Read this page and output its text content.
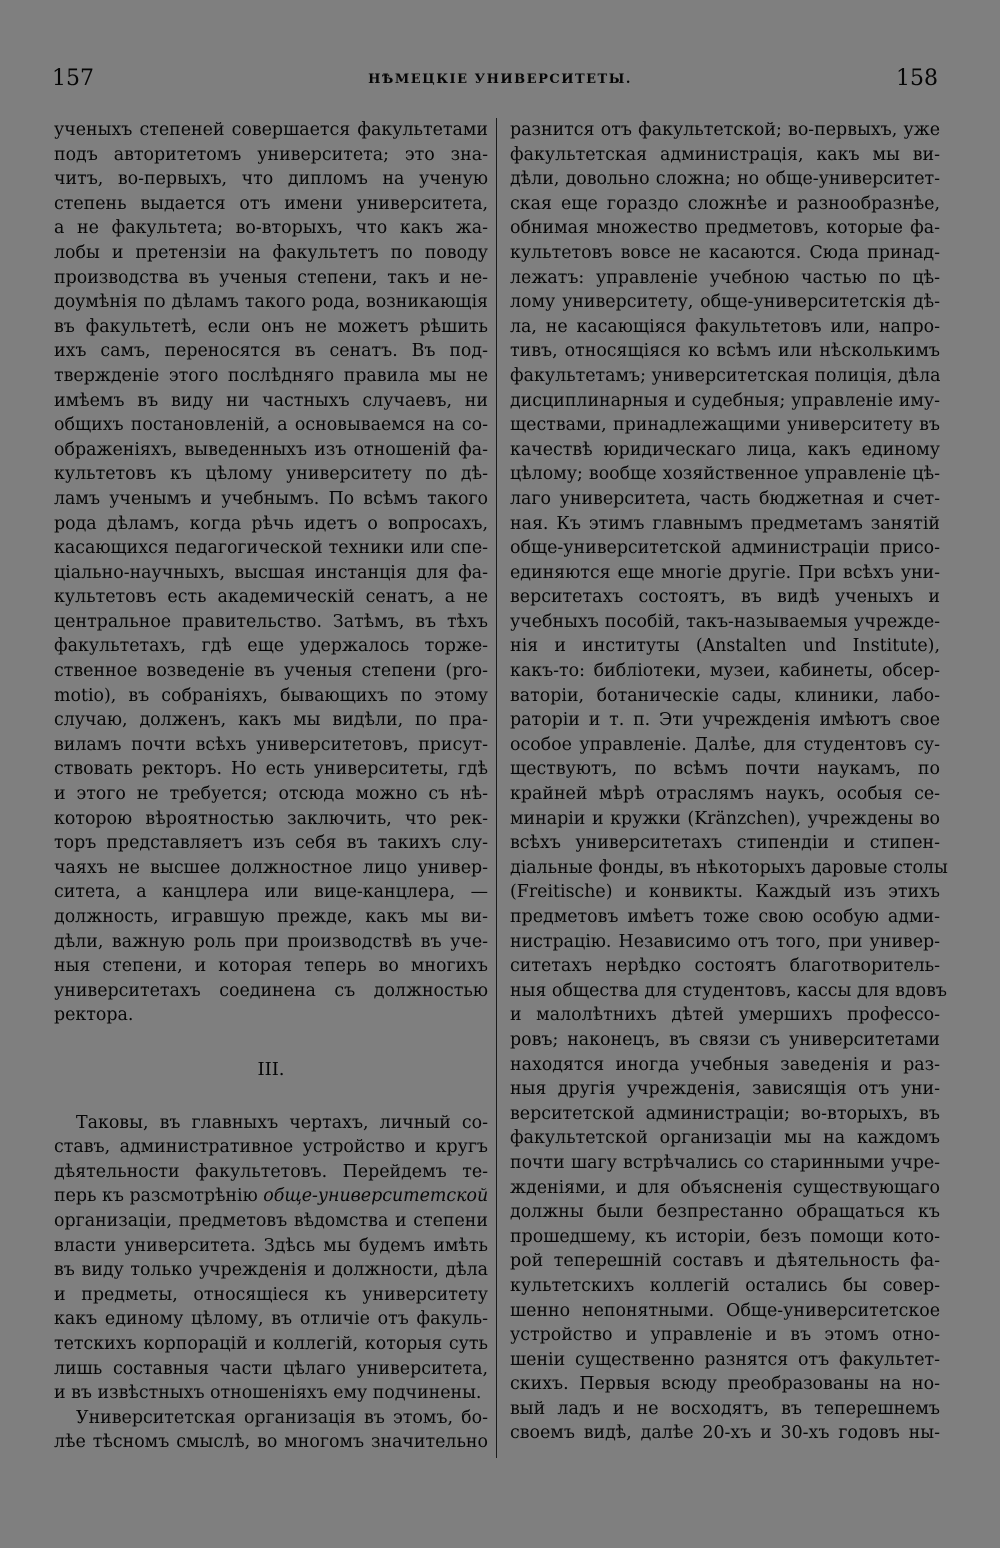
157	НѢМЕЦКІЕ УНИВЕРСИТЕТЫ.	158
ученыхъ степеней совершается факультетами
подъ авторитетомъ университета; это зна-
читъ, во-первыхъ, что дипломъ на ученую
степень выдается отъ имени университета,
а не факультета; во-вторыхъ, что какъ жа-
лобы и претензіи на факультетъ по поводу
производства въ ученыя степени, такъ и не-
доумѣнія по дѣламъ такого рода, возникающія
въ факультетѣ, если онъ не можетъ рѣшить
ихъ самъ, переносятся въ сенатъ. Въ под-
твержденіе этого послѣдняго правила мы не
имѣемъ въ виду ни частныхъ случаевъ, ни
общихъ постановленій, а основываемся на со-
ображеніяхъ, выведенныхъ изъ отношеній фа-
культетовъ къ цѣлому университету по дѣ-
ламъ ученымъ и учебнымъ. По всѣмъ такого
рода дѣламъ, когда рѣчь идетъ о вопросахъ,
касающихся педагогической техники или спе-
ціально-научныхъ, высшая инстанція для фа-
культетовъ есть академическій сенатъ, а не
центральное правительство. Затѣмъ, въ тѣхъ
факультетахъ, гдѣ еще удержалось торже-
ственное возведеніе въ ученыя степени (pro-
motio), въ собраніяхъ, бывающихъ по этому
случаю, долженъ, какъ мы видѣли, по пра-
виламъ почти всѣхъ университетовъ, присут-
ствовать ректоръ. Но есть университеты, гдѣ
и этого не требуется; отсюда можно съ нѣ-
которою вѣроятностью заключить, что рек-
торъ представляетъ изъ себя въ такихъ слу-
чаяхъ не высшее должностное лицо универ-
ситета, а канцлера или вице-канцлера, —
должность, игравшую прежде, какъ мы ви-
дѣли, важную роль при производствѣ въ уче-
ныя степени, и которая теперь во многихъ
университетахъ соединена съ должностью
ректора.
III.
Таковы, въ главныхъ чертахъ, личный со-
ставъ, административное устройство и кругъ
дѣятельности факультетовъ. Перейдемъ те-
перь къ разсмотрѣнію обще-университетской
организаціи, предметовъ вѣдомства и степени
власти университета. Здѣсь мы будемъ имѣть
въ виду только учрежденія и должности, дѣла
и предметы, относящіеся къ университету
какъ единому цѣлому, въ отличіе отъ факуль-
тетскихъ корпорацій и коллегій, которыя суть
лишь составныя части цѣлаго университета,
и въ извѣстныхъ отношеніяхъ ему подчинены.
Университетская организація въ этомъ, бо-
лѣе тѣсномъ смыслѣ, во многомъ значительно
разнится отъ факультетской; во-первыхъ, уже
факультетская администрація, какъ мы ви-
дѣли, довольно сложна; но обще-университет-
ская еще гораздо сложнѣе и разнообразнѣе,
обнимая множество предметовъ, которые фа-
культетовъ вовсе не касаются. Сюда принад-
лежатъ: управленіе учебною частью по цѣ-
лому университету, обще-университетскія дѣ-
ла, не касающіяся факультетовъ или, напро-
тивъ, относящіяся ко всѣмъ или нѣсколькимъ
факультетамъ; университетская полиція, дѣла
дисциплинарныя и судебныя; управленіе иму-
ществами, принадлежащими университету въ
качествѣ юридическаго лица, какъ единому
цѣлому; вообще хозяйственное управленіе цѣ-
лаго университета, часть бюджетная и счет-
ная. Къ этимъ главнымъ предметамъ занятій
обще-университетской администраціи присо-
единяются еще многіе другіе. При всѣхъ уни-
верситетахъ состоятъ, въ видѣ ученыхъ и
учебныхъ пособій, такъ-называемыя учрежде-
нія и институты (Anstalten und Institute),
какъ-то: библіотеки, музеи, кабинеты, обсер-
ваторіи, ботаническіе сады, клиники, лабо-
раторіи и т. п. Эти учрежденія имѣютъ свое
особое управленіе. Далѣе, для студентовъ су-
ществуютъ, по всѣмъ почти наукамъ, по
крайней мѣрѣ отраслямъ наукъ, особыя се-
минаріи и кружки (Kränzchen), учреждены во
всѣхъ университетахъ стипендіи и стипен-
діальные фонды, въ нѣкоторыхъ даровые столы
(Freitische) и конвикты. Каждый изъ этихъ
предметовъ имѣетъ тоже свою особую адми-
нистрацію. Независимо отъ того, при универ-
ситетахъ нерѣдко состоятъ благотворитель-
ныя общества для студентовъ, кассы для вдовъ
и малолѣтнихъ дѣтей умершихъ профессо-
ровъ; наконецъ, въ связи съ университетами
находятся иногда учебныя заведенія и раз-
ныя другія учрежденія, зависящія отъ уни-
верситетской администраціи; во-вторыхъ, въ
факультетской организаціи мы на каждомъ
почти шагу встрѣчались со старинными учре-
жденіями, и для объясненія существующаго
должны были безпрестанно обращаться къ
прошедшему, къ исторіи, безъ помощи кото-
рой теперешній составъ и дѣятельность фа-
культетскихъ коллегій остались бы совер-
шенно непонятными. Обще-университетское
устройство и управленіе и въ этомъ отно-
шеніи существенно разнятся отъ факультет-
скихъ. Первыя всюду преобразованы на но-
вый ладъ и не восходятъ, въ теперешнемъ
своемъ видѣ, далѣе 20-хъ и 30-хъ годовъ ны-
